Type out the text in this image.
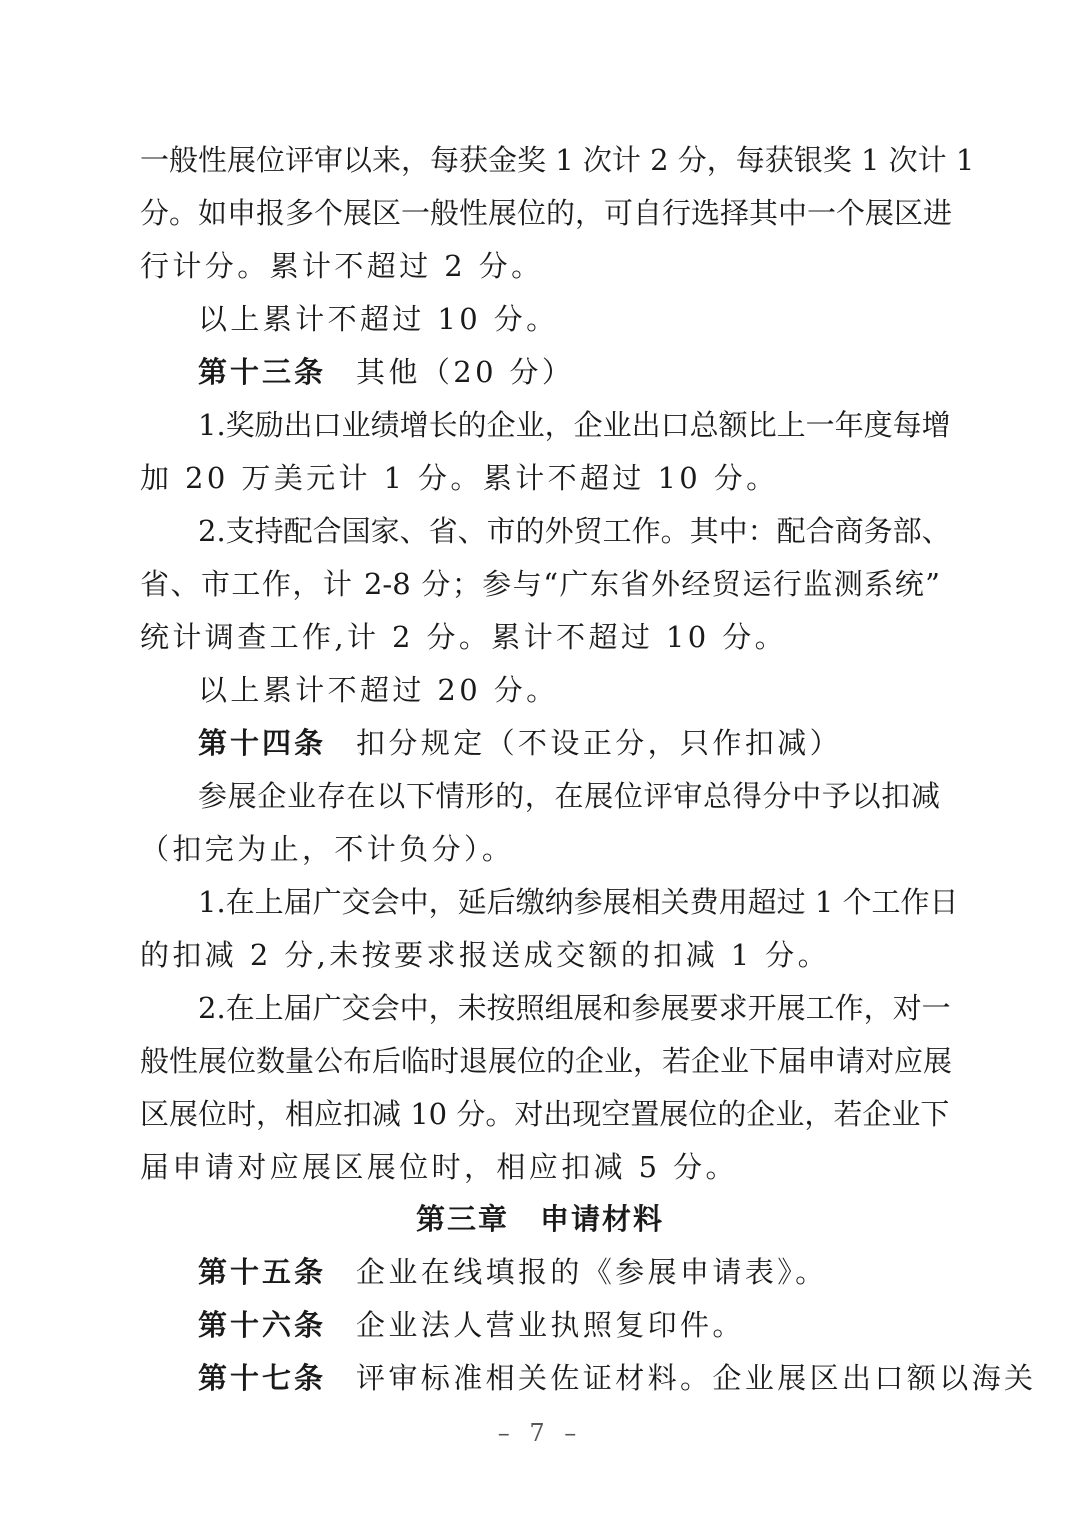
一般性展位评审以来，每获金奖 1 次计 2 分，每获银奖 1 次计 1
分。如申报多个展区一般性展位的，可自行选择其中一个展区进
行计分。累计不超过 2 分。
以上累计不超过 10 分。
第十三条 其他（20 分）
1.奖励出口业绩增长的企业，企业出口总额比上一年度每增
加 20 万美元计 1 分。累计不超过 10 分。
2.支持配合国家、省、市的外贸工作。其中：配合商务部、
省、市工作，计 2-8 分；参与“广东省外经贸运行监测系统”
统计调查工作,计 2 分。累计不超过 10 分。
以上累计不超过 20 分。
第十四条 扣分规定（不设正分，只作扣减）
参展企业存在以下情形的，在展位评审总得分中予以扣减
（扣完为止，不计负分）。
1.在上届广交会中，延后缴纳参展相关费用超过 1 个工作日
的扣减 2 分,未按要求报送成交额的扣减 1 分。
2.在上届广交会中，未按照组展和参展要求开展工作，对一
般性展位数量公布后临时退展位的企业，若企业下届申请对应展
区展位时，相应扣减 10 分。对出现空置展位的企业，若企业下
届申请对应展区展位时，相应扣减 5 分。
第三章　申请材料
第十五条 企业在线填报的《参展申请表》。
第十六条 企业法人营业执照复印件。
第十七条 评审标准相关佐证材料。企业展区出口额以海关
– 7 –
